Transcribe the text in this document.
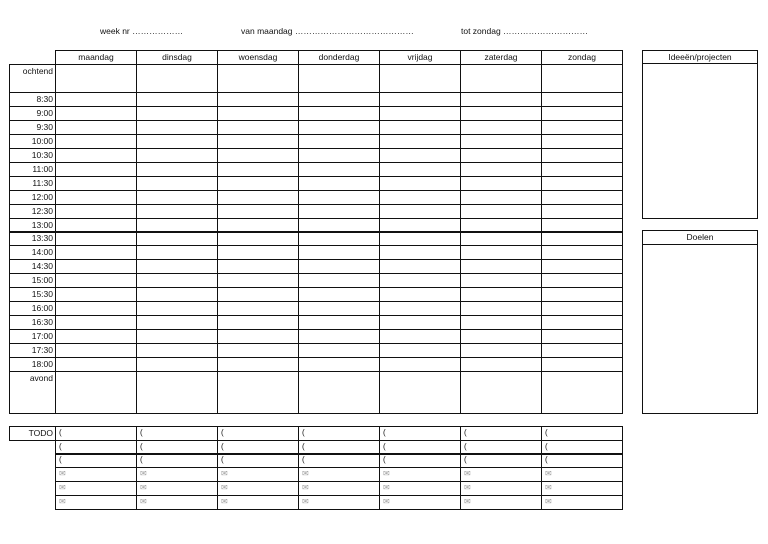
week nr ………………	van maandag ……………………………………	tot zondag …………………………
maandag	dinsdag	woensdag	donderdag	vrijdag	zaterdag	zondag
ochtend
8:30
9:00
9:30
10:00
10:30
11:00
11:30
12:00
12:30
13:00
13:30
14:00
14:30
15:00
15:30
16:00
16:30
17:00
17:30
18:00
avond
TODO (	(	(	(	(	(	(
(	(	(	(	(	(	(
(	(	(	(	(	(	(
✉	✉	✉	✉	✉	✉	✉
✉	✉	✉	✉	✉	✉	✉
✉	✉	✉	✉	✉	✉	✉
Ideeën/projecten
Doelen
